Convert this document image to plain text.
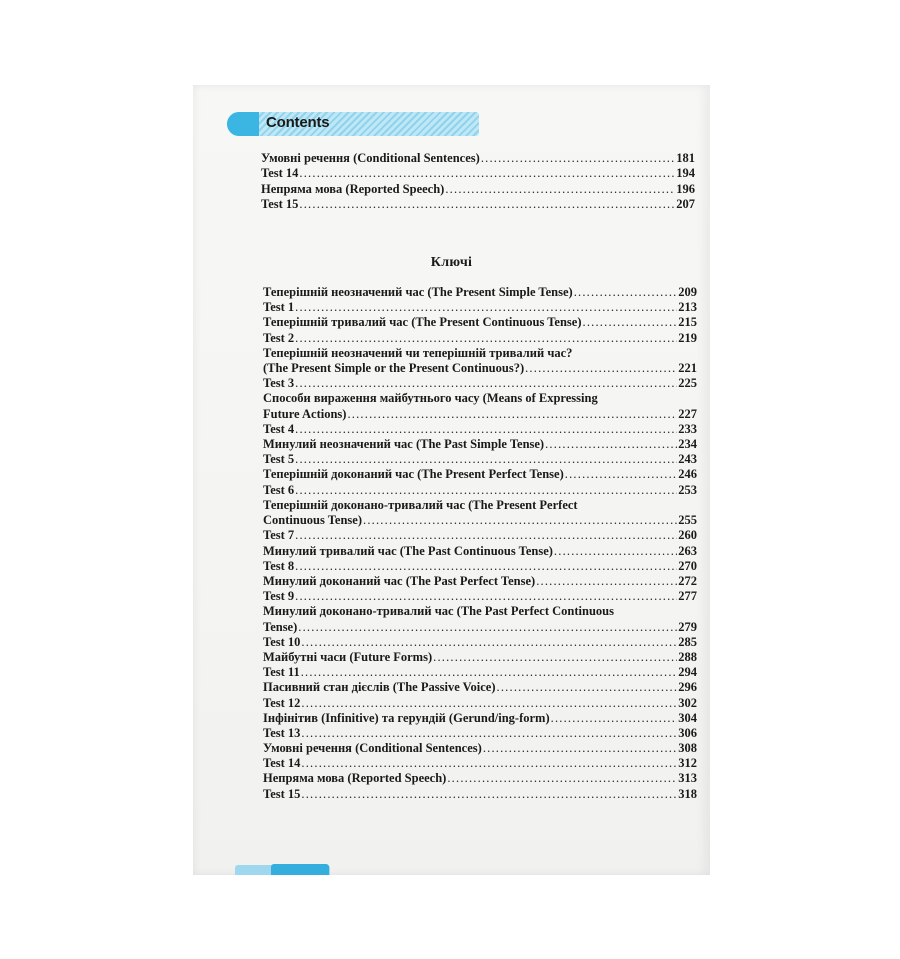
Contents
Умовні речення (Conditional Sentences) .....	181
Test 14 .....	194
Непряма мова (Reported Speech) .....	196
Test 15 .....	207
Ключі
Теперішній неозначений час (The Present Simple Tense) .....	209
Test 1 .....	213
Теперішній тривалий час (The Present Continuous Tense) .....	215
Test 2 .....	219
Теперішній неозначений чи теперішній тривалий час?
(The Present Simple or the Present Continuous?) .....	221
Test 3 .....	225
Способи вираження майбутнього часу (Means of Expressing
Future Actions) .....	227
Test 4 .....	233
Минулий неозначений час (The Past Simple Tense) .....	234
Test 5 .....	243
Теперішній доконаний час (The Present Perfect Tense) .....	246
Test 6 .....	253
Теперішній доконано-тривалий час (The Present Perfect
Continuous Tense) .....	255
Test 7 .....	260
Минулий тривалий час (The Past Continuous Tense) .....	263
Test 8 .....	270
Минулий доконаний час (The Past Perfect Tense) .....	272
Test 9 .....	277
Минулий доконано-тривалий час (The Past Perfect Continuous
Tense) .....	279
Test 10 .....	285
Майбутні часи (Future Forms) .....	288
Test 11 .....	294
Пасивний стан дієслів (The Passive Voice) .....	296
Test 12 .....	302
Інфінітив (Infinitive) та герундій (Gerund/ing-form) .....	304
Test 13 .....	306
Умовні речення (Conditional Sentences) .....	308
Test 14 .....	312
Непряма мова (Reported Speech) .....	313
Test 15 .....	318
